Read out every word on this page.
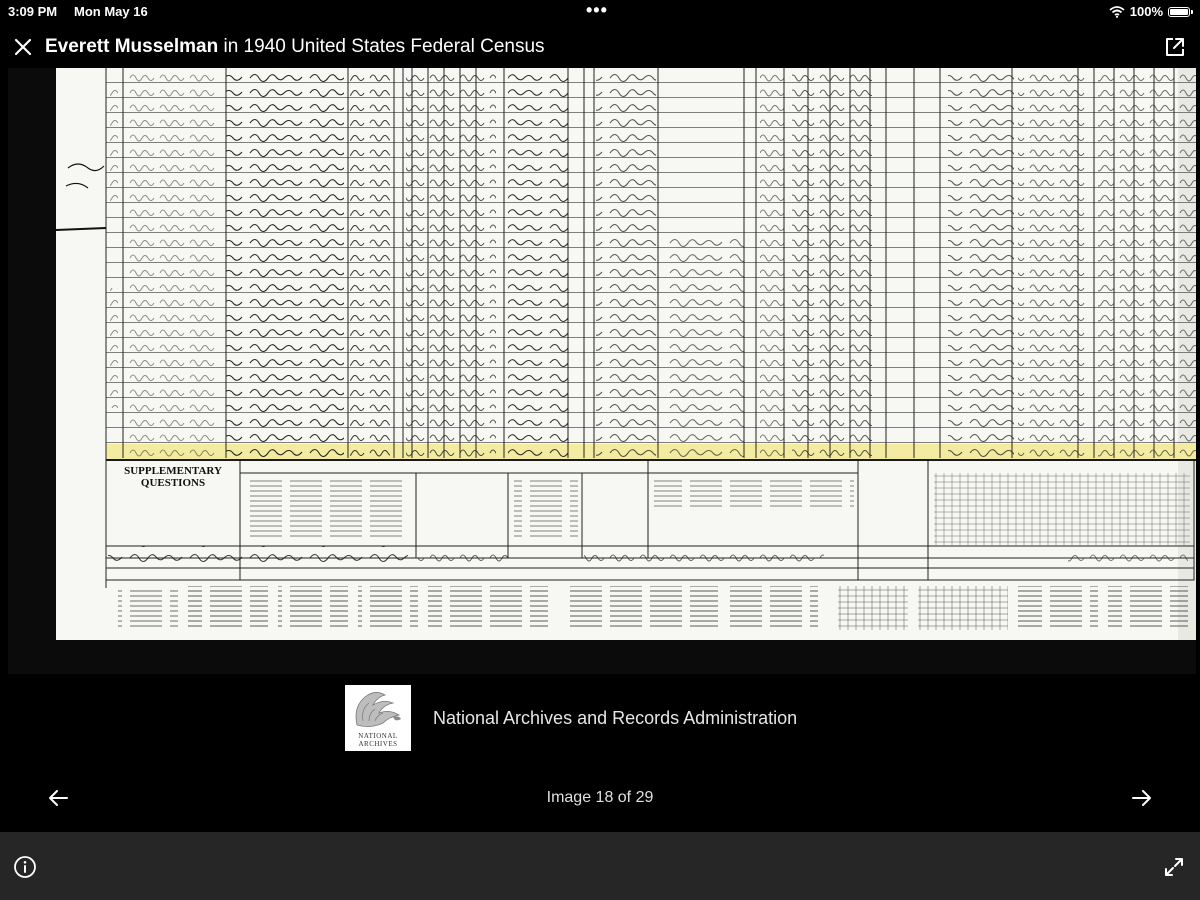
3:09 PM Mon May 16	•••	100%
Everett Musselman in 1940 United States Federal Census
SUPPLEMENTARY
QUESTIONS
NATIONAL
ARCHIVES
National Archives and Records Administration
Image 18 of 29
